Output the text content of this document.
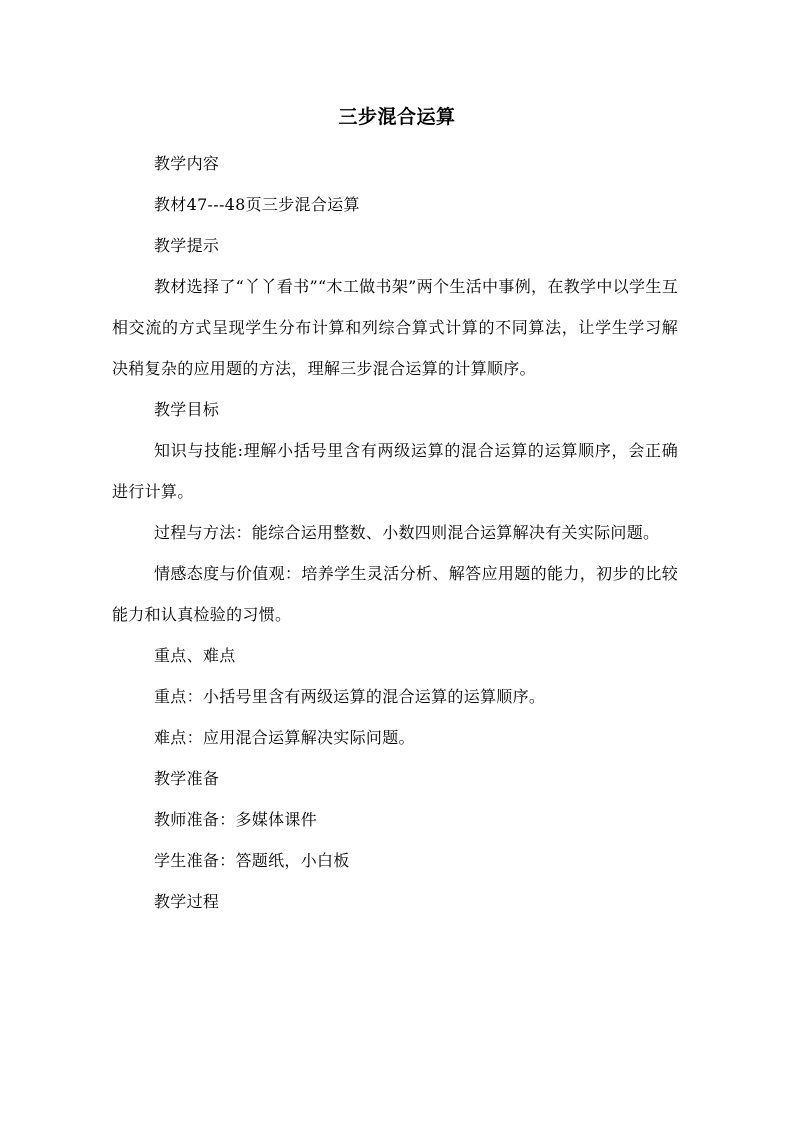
三步混合运算

教学内容

教材47---48页三步混合运算

教学提示

教材选择了“丫丫看书”“木工做书架”两个生活中事例，在教学中以学生互相交流的方式呈现学生分布计算和列综合算式计算的不同算法，让学生学习解决稍复杂的应用题的方法，理解三步混合运算的计算顺序。

教学目标

知识与技能:理解小括号里含有两级运算的混合运算的运算顺序，会正确进行计算。

过程与方法：能综合运用整数、小数四则混合运算解决有关实际问题。

情感态度与价值观：培养学生灵活分析、解答应用题的能力，初步的比较能力和认真检验的习惯。

重点、难点

重点：小括号里含有两级运算的混合运算的运算顺序。

难点：应用混合运算解决实际问题。

教学准备

教师准备：多媒体课件

学生准备：答题纸，小白板

教学过程
